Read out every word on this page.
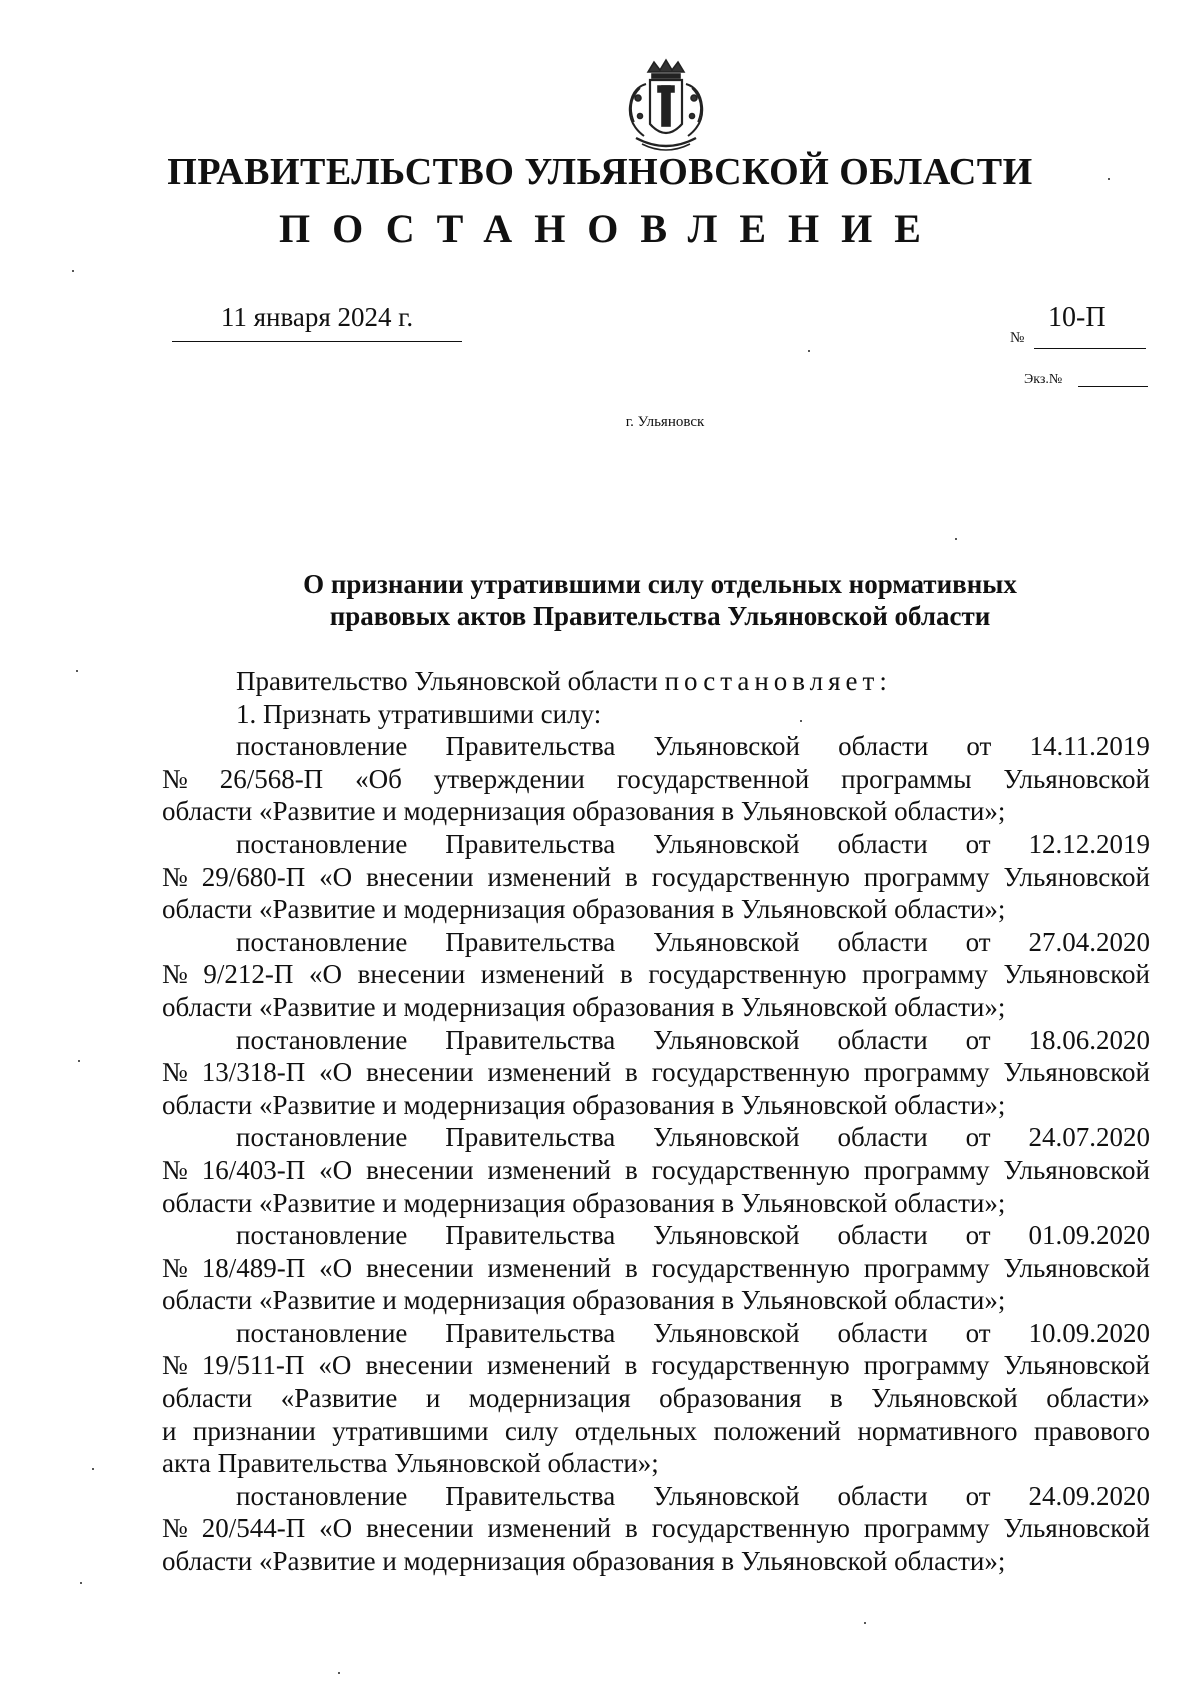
ПРАВИТЕЛЬСТВО УЛЬЯНОВСКОЙ ОБЛАСТИ
ПОСТАНОВЛЕНИЕ
11 января 2024 г.	10-П
№
Экз.№
г. Ульяновск
О признании утратившими силу отдельных нормативных
правовых актов Правительства Ульяновской области
Правительство Ульяновской области постановляет:
1. Признать утратившими силу:
постановление Правительства Ульяновской области от 14.11.2019
№ 26/568-П «Об утверждении государственной программы Ульяновской
области «Развитие и модернизация образования в Ульяновской области»;
постановление Правительства Ульяновской области от 12.12.2019
№ 29/680-П «О внесении изменений в государственную программу Ульяновской
области «Развитие и модернизация образования в Ульяновской области»;
постановление Правительства Ульяновской области от 27.04.2020
№ 9/212-П «О внесении изменений в государственную программу Ульяновской
области «Развитие и модернизация образования в Ульяновской области»;
постановление Правительства Ульяновской области от 18.06.2020
№ 13/318-П «О внесении изменений в государственную программу Ульяновской
области «Развитие и модернизация образования в Ульяновской области»;
постановление Правительства Ульяновской области от 24.07.2020
№ 16/403-П «О внесении изменений в государственную программу Ульяновской
области «Развитие и модернизация образования в Ульяновской области»;
постановление Правительства Ульяновской области от 01.09.2020
№ 18/489-П «О внесении изменений в государственную программу Ульяновской
области «Развитие и модернизация образования в Ульяновской области»;
постановление Правительства Ульяновской области от 10.09.2020
№ 19/511-П «О внесении изменений в государственную программу Ульяновской
области «Развитие и модернизация образования в Ульяновской области»
и признании утратившими силу отдельных положений нормативного правового
акта Правительства Ульяновской области»;
постановление Правительства Ульяновской области от 24.09.2020
№ 20/544-П «О внесении изменений в государственную программу Ульяновской
области «Развитие и модернизация образования в Ульяновской области»;
